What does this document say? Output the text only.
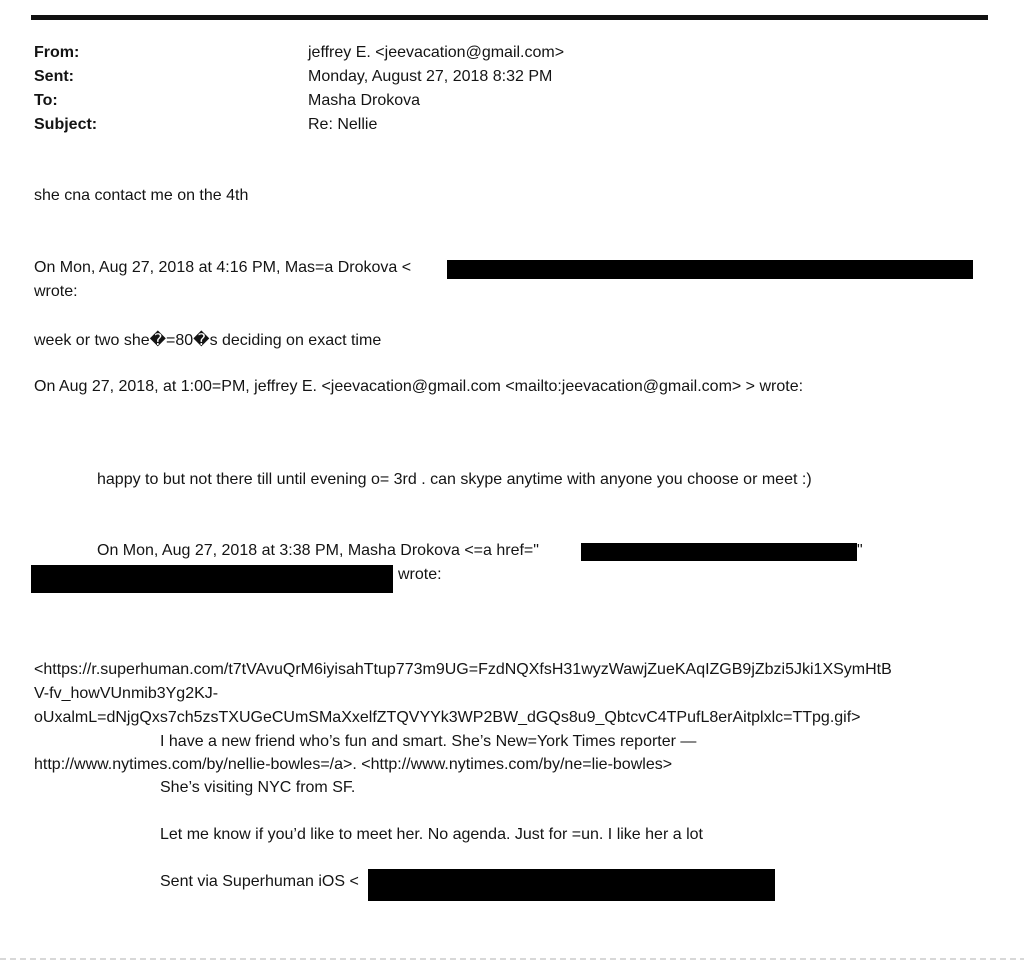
From:	jeffrey E. <jeevacation@gmail.com>
Sent:	Monday, August 27, 2018 8:32 PM
To:	Masha Drokova
Subject:	Re: Nellie
she cna contact me on the 4th
On Mon, Aug 27, 2018 at 4:16 PM, Mas=a Drokova <
wrote:
week or two she�=80�s deciding on exact time
On Aug 27, 2018, at 1:00=PM, jeffrey E. <jeevacation@gmail.com <mailto:jeevacation@gmail.com> > wrote:
happy to but not there till until evening o= 3rd . can skype anytime with anyone you choose or meet :)
On Mon, Aug 27, 2018 at 3:38 PM, Masha Drokova <=a href="	"
wrote:
<https://r.superhuman.com/t7tVAvuQrM6iyisahTtup773m9UG=FzdNQXfsH31wyzWawjZueKAqIZGB9jZbzi5Jki1XSymHtB
V-fv_howVUnmib3Yg2KJ-
oUxalmL=dNjgQxs7ch5zsTXUGeCUmSMaXxelfZTQVYYk3WP2BW_dGQs8u9_QbtcvC4TPufL8erAitplxlc=TTpg.gif>
I have a new friend who’s fun and smart. She’s New=York Times reporter —
http://www.nytimes.com/by/nellie-bowles=/a>. <http://www.nytimes.com/by/ne=lie-bowles>
She’s visiting NYC from SF.
Let me know if you’d like to meet her. No agenda. Just for =un. I like her a lot
Sent via Superhuman iOS <
